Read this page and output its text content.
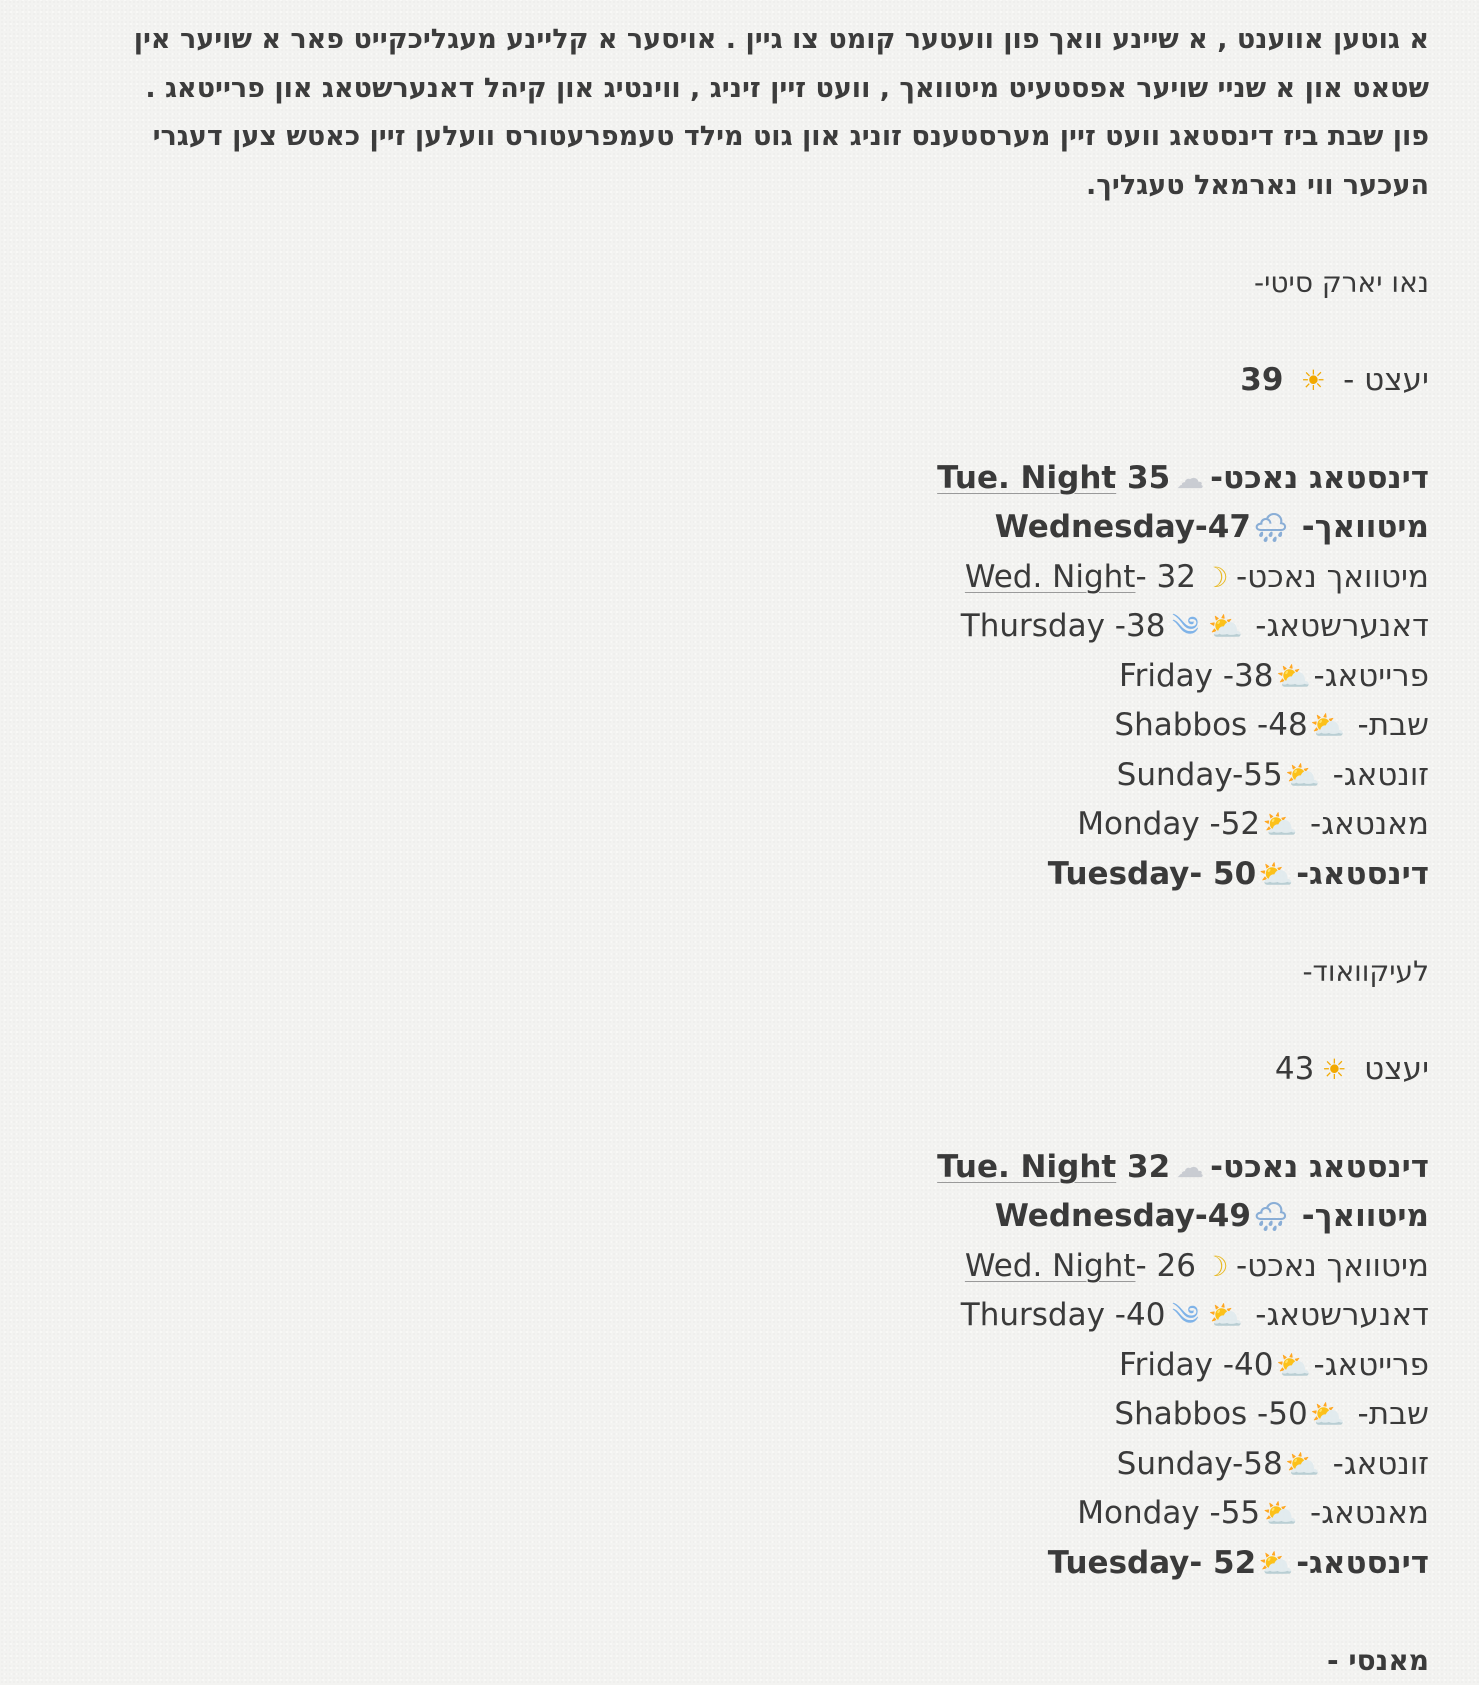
א גוטען אווענט , א שיינע וואך פון וועטער קומט צו גיין . אויסער א קליינע מעגליכקייט פאר א שויער אין שטאט און א שניי שויער אפסטעיט מיטוואך , וועט זיין זיניג , ווינטיג און קיהל דאנערשטאג און פרייטאג . פון שבת ביז דינסטאג וועט זיין מערסטענס זוניג און גוט מילד טעמפרעטורס וועלען זיין כאטש צען דעגרי העכער ווי נארמאל טעגליך.

נאו יארק סיטי-

יעצט - ☀ 39

דינסטאג נאכט-☁Tue. Night 35
מיטוואך- 🌧Wednesday-47
מיטוואך נאכט-☽Wed. Night- 32
דאנערשטאג- ⛅༄Thursday -38
פרייטאג-⛅Friday -38
שבת- ⛅Shabbos -48
זונטאג- ⛅Sunday-55
מאנטאג- ⛅Monday -52
דינסטאג-⛅Tuesday- 50

לעיקוואוד-

יעצט ☀43

דינסטאג נאכט-☁Tue. Night 32
מיטוואך- 🌧Wednesday-49
מיטוואך נאכט-☽Wed. Night- 26
דאנערשטאג- ⛅༄Thursday -40
פרייטאג-⛅Friday -40
שבת- ⛅Shabbos -50
זונטאג- ⛅Sunday-58
מאנטאג- ⛅Monday -55
דינסטאג-⛅Tuesday- 52

מאנסי -
